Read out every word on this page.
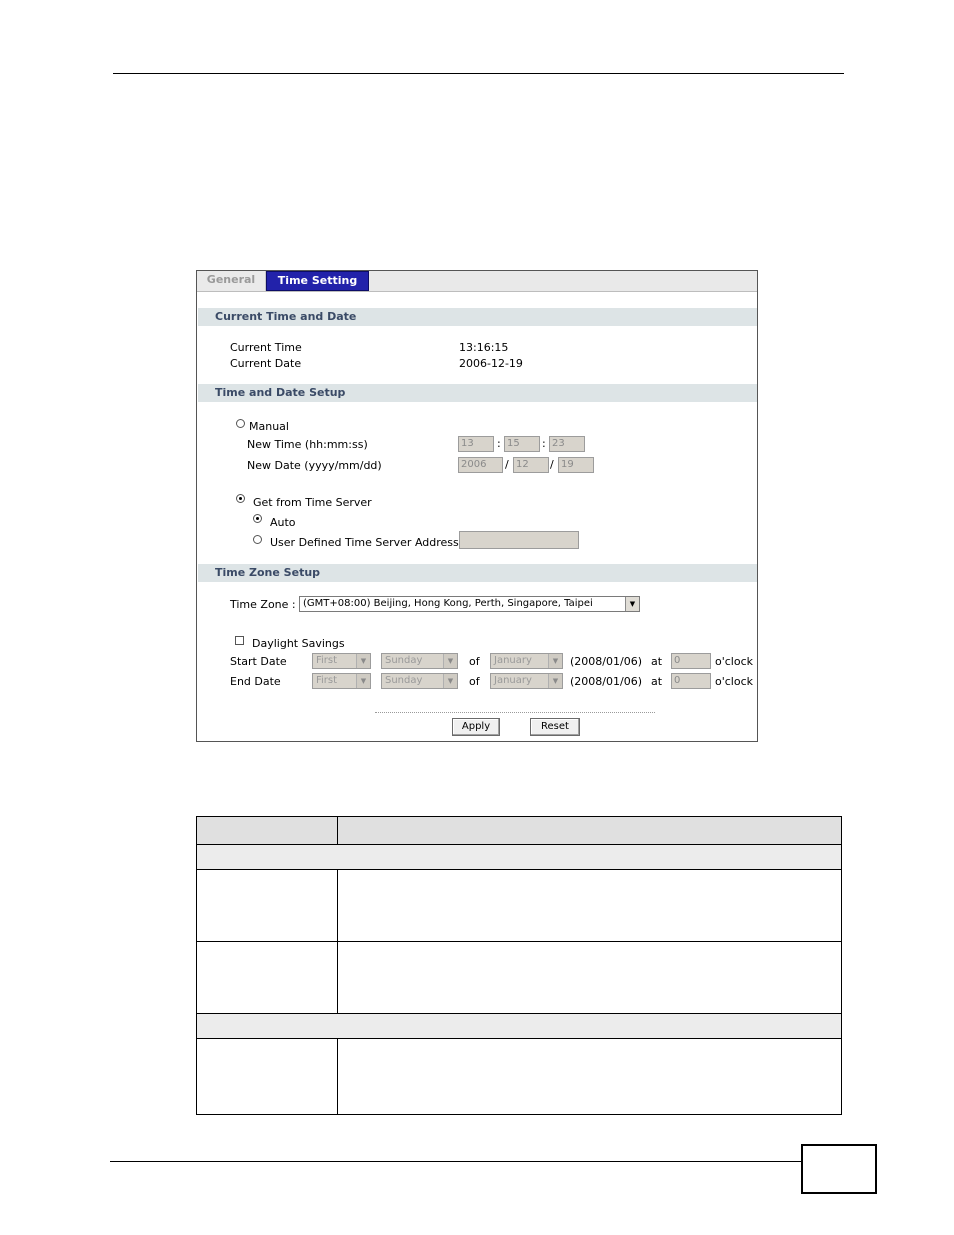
General	Time Setting
Current Time and Date
Current Time	13:16:15
Current Date	2006-12-19
Time and Date Setup
Manual
New Time (hh:mm:ss)	13	: 15	: 23
New Date (yyyy/mm/dd)	2006	/ 12	/ 19
Get from Time Server
Auto
User Defined Time Server Address
Time Zone Setup
Time Zone : (GMT+08:00) Beijing, Hong Kong, Perth, Singapore, Taipei	▼
Daylight Savings
Start Date	First	▼	Sunday	▼	of	January	▼	(2008/01/06) at	0	o'clock
End Date	First	▼	Sunday	▼	of	January	▼	(2008/01/06) at	0	o'clock
Apply	Reset
